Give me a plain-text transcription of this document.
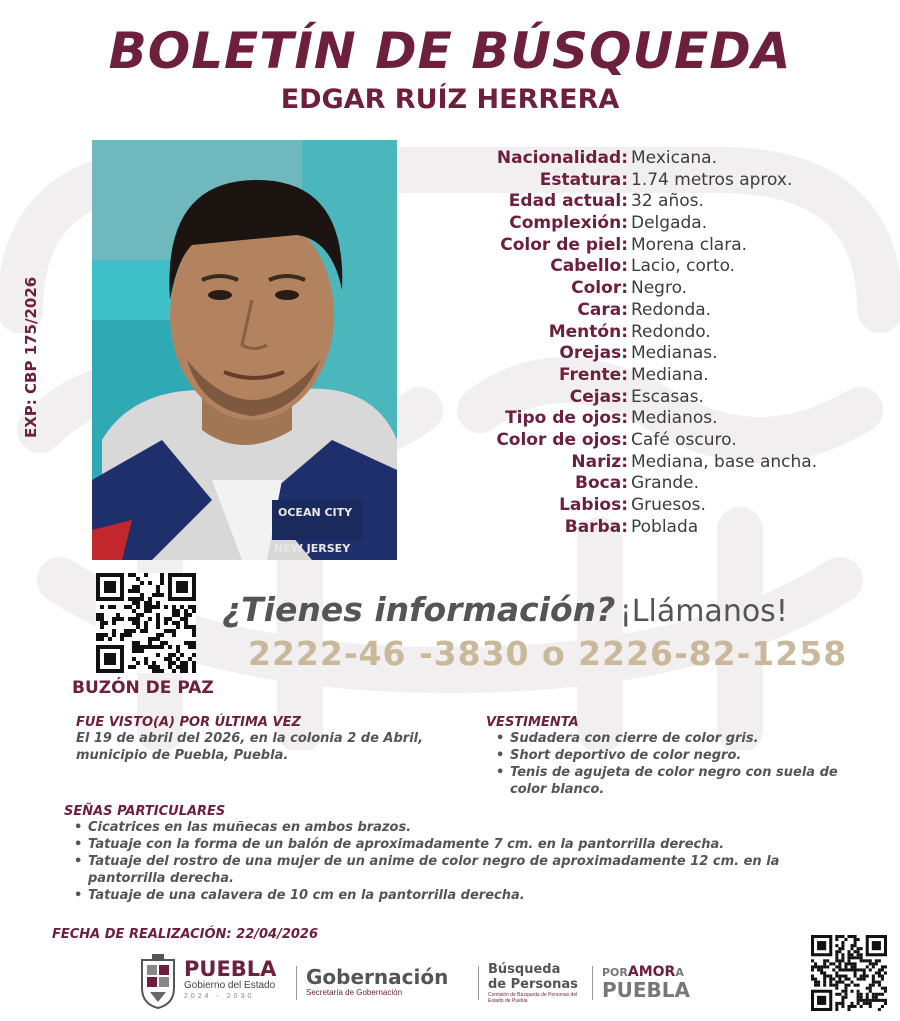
BOLETÍN DE BÚSQUEDA
EDGAR RUÍZ HERRERA
EXP: CBP 175/2026
OCEAN CITY
NEW JERSEY
Nacionalidad: Mexicana.
Estatura: 1.74 metros aprox.
Edad actual: 32 años.
Complexión: Delgada.
Color de piel: Morena clara.
Cabello: Lacio, corto.
Color: Negro.
Cara: Redonda.
Mentón: Redondo.
Orejas: Medianas.
Frente: Mediana.
Cejas: Escasas.
Tipo de ojos: Medianos.
Color de ojos: Café oscuro.
Nariz: Mediana, base ancha.
Boca: Grande.
Labios: Gruesos.
Barba: Poblada
BUZÓN DE PAZ
¿Tienes información? ¡Llámanos!
2222-46 -3830 o 2226-82-1258
FUE VISTO(A) POR ÚLTIMA VEZ
El 19 de abril del 2026, en la colonia 2 de Abril, municipio de Puebla, Puebla.
VESTIMENTA
• Sudadera con cierre de color gris.
• Short deportivo de color negro.
• Tenis de agujeta de color negro con suela de color blanco.
SEÑAS PARTICULARES
• Cicatrices en las muñecas en ambos brazos.
• Tatuaje con la forma de un balón de aproximadamente 7 cm. en la pantorrilla derecha.
• Tatuaje del rostro de una mujer de un anime de color negro de aproximadamente 12 cm. en la pantorrilla derecha.
• Tatuaje de una calavera de 10 cm en la pantorrilla derecha.
FECHA DE REALIZACIÓN: 22/04/2026
PUEBLA
Gobierno del Estado
2024 - 2030
Gobernación
Secretaría de Gobernación
Búsqueda
de Personas
Comisión de Búsqueda de Personas del Estado de Puebla
PORAMORA
PUEBLA
